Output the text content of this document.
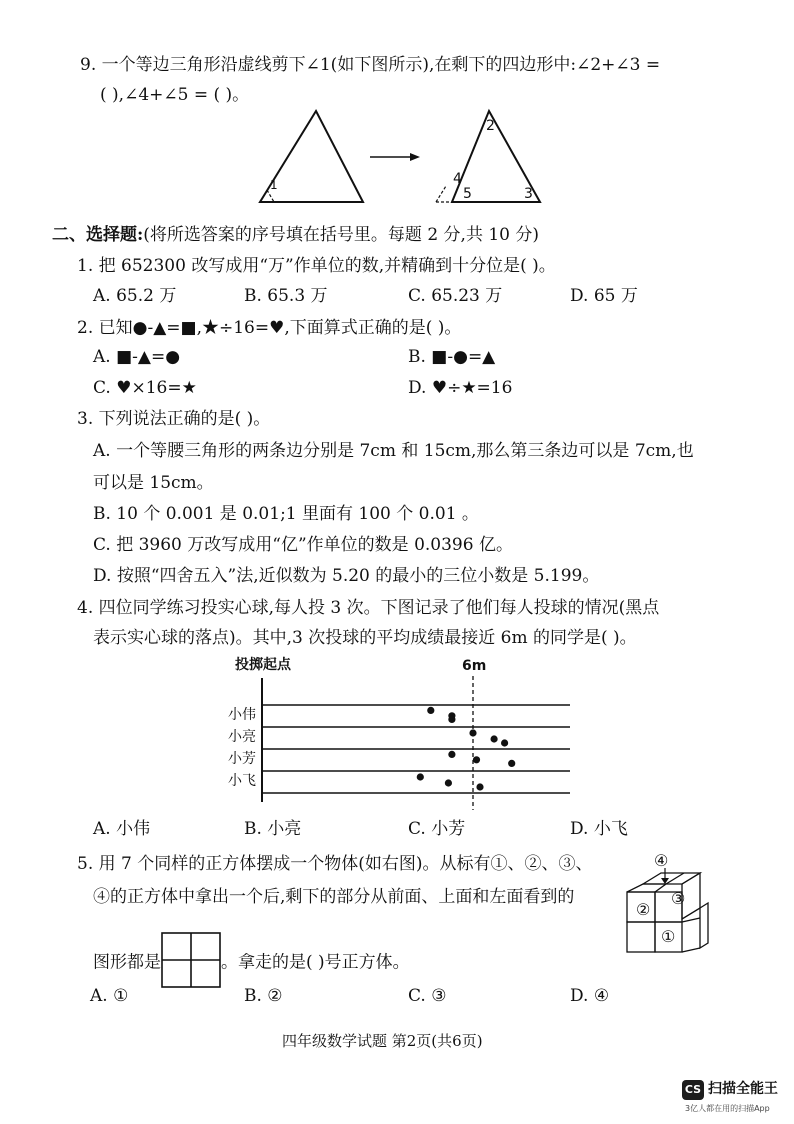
9. 一个等边三角形沿虚线剪下∠1(如下图所示),在剩下的四边形中:∠2+∠3 =
( ),∠4+∠5 = ( )。
1
2
3
4
5
二、选择题:(将所选答案的序号填在括号里。每题 2 分,共 10 分)
1. 把 652300 改写成用“万”作单位的数,并精确到十分位是( )。
A. 65.2 万	B. 65.3 万	C. 65.23 万	D. 65 万
2. 已知●-▲=■,★÷16=♥,下面算式正确的是( )。
A. ■-▲=●	B. ■-●=▲
C. ♥×16=★	D. ♥÷★=16
3. 下列说法正确的是( )。
A. 一个等腰三角形的两条边分别是 7cm 和 15cm,那么第三条边可以是 7cm,也
可以是 15cm。
B. 10 个 0.001 是 0.01;1 里面有 100 个 0.01 。
C. 把 3960 万改写成用“亿”作单位的数是 0.0396 亿。
D. 按照“四舍五入”法,近似数为 5.20 的最小的三位小数是 5.199。
4. 四位同学练习投实心球,每人投 3 次。下图记录了他们每人投球的情况(黑点
表示实心球的落点)。其中,3 次投球的平均成绩最接近 6m 的同学是( )。
投掷起点	6m
小伟
小亮
小芳
小飞
A. 小伟	B. 小亮	C. 小芳	D. 小飞
5. 用 7 个同样的正方体摆成一个物体(如右图)。从标有①、②、③、
④的正方体中拿出一个后,剩下的部分从前面、上面和左面看到的
图形都是	。拿走的是( )号正方体。
④
②
③
①
A. ①	B. ②	C. ③	D. ④
四年级数学试题 第2页(共6页)
CS 扫描全能王
3亿人都在用的扫描App
